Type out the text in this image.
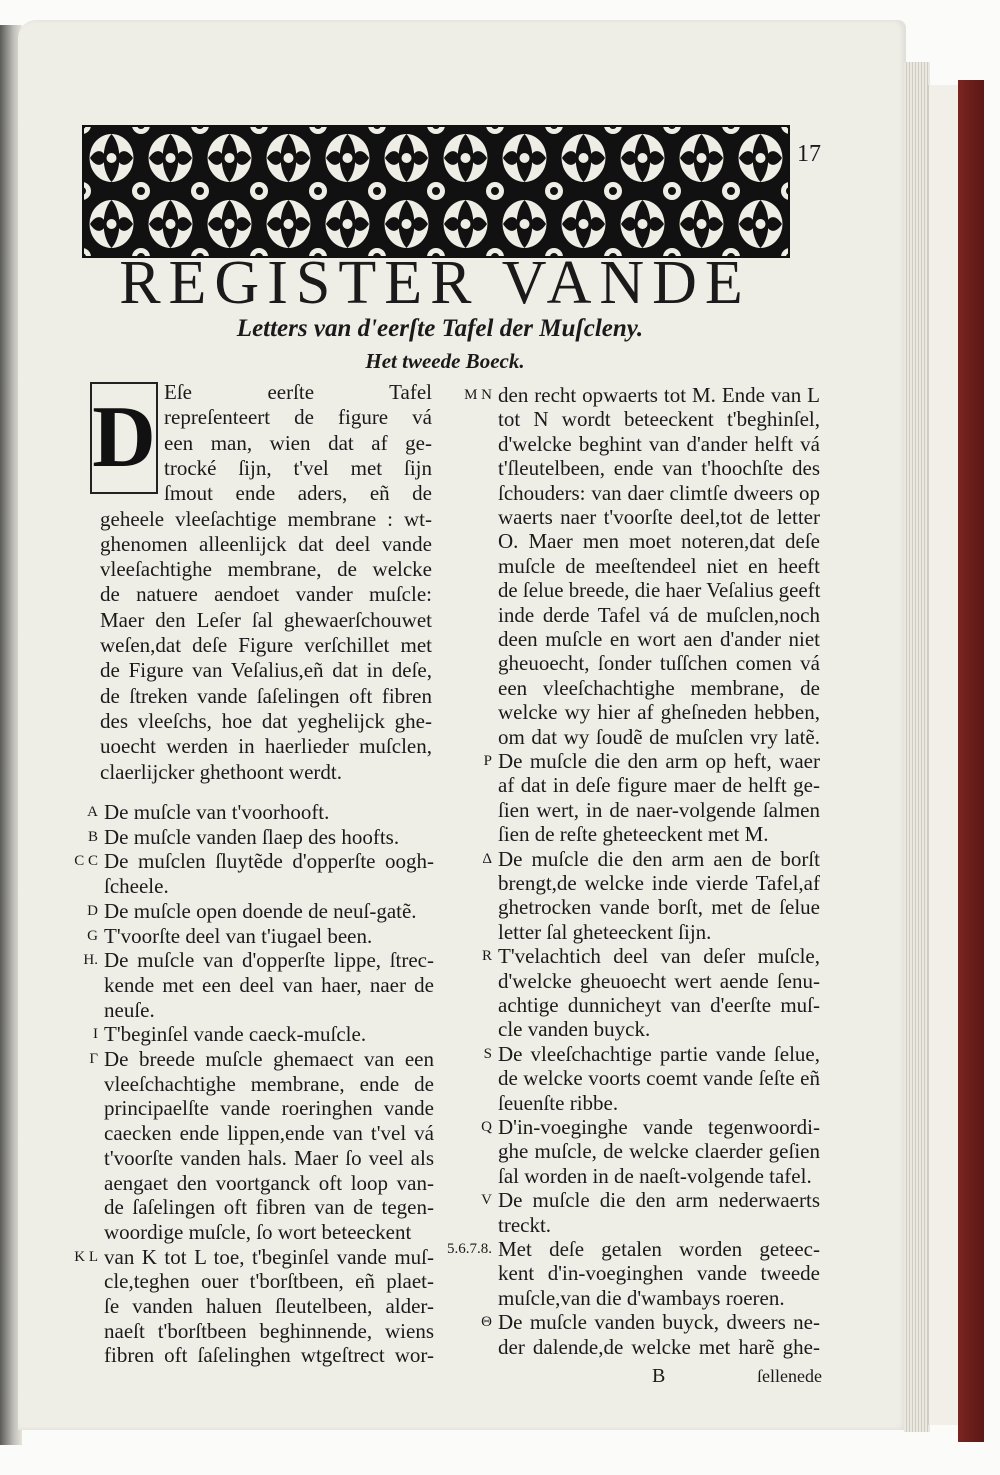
17
REGISTER VANDE
Letters van d'eerſte Tafel der Muſcleny.
Het tweede Boeck.
D Eſe eerſte Tafel
repreſenteert de figure vá
een man, wien dat af ge-
trocké ſijn, t'vel met ſijn
ſmout ende aders, eñ de
geheele vleeſachtige membrane : wt-
ghenomen alleenlijck dat deel vande
vleeſachtighe membrane, de welcke
de natuere aendoet vander muſcle:
Maer den Leſer ſal ghewaerſchouwet
weſen,dat deſe Figure verſchillet met
de Figure van Veſalius,eñ dat in deſe,
de ſtreken vande ſaſelingen oft fibren
des vleeſchs, hoe dat yeghelijck ghe-
uoecht werden in haerlieder muſclen,
claerlijcker ghethoont werdt.
A De muſcle van t'voorhooft.
B De muſcle vanden ſlaep des hoofts.
C C De muſclen ſluytẽde d'opperſte oogh-
ſcheele.
D De muſcle open doende de neuſ-gatẽ.
G T'voorſte deel van t'iugael been.
H. De muſcle van d'opperſte lippe, ſtrec-
kende met een deel van haer, naer de
neuſe.
I T'beginſel vande caeck-muſcle.
Γ De breede muſcle ghemaect van een
vleeſchachtighe membrane, ende de
principaelſte vande roeringhen vande
caecken ende lippen,ende van t'vel vá
t'voorſte vanden hals. Maer ſo veel als
aengaet den voortganck oft loop van-
de ſaſelingen oft fibren van de tegen-
woordige muſcle, ſo wort beteeckent
K L van K tot L toe, t'beginſel vande muſ-
cle,teghen ouer t'borſtbeen, eñ plaet-
ſe vanden haluen ſleutelbeen, alder-
naeſt t'borſtbeen beghinnende, wiens
fibren oft ſaſelinghen wtgeſtrect wor-
M N den recht opwaerts tot M. Ende van L
tot N wordt beteeckent t'beghinſel,
d'welcke beghint van d'ander helft vá
t'ſleutelbeen, ende van t'hoochſte des
ſchouders: van daer climtſe dweers op
waerts naer t'voorſte deel,tot de letter
O. Maer men moet noteren,dat deſe
muſcle de meeſtendeel niet en heeft
de ſelue breede, die haer Veſalius geeft
inde derde Tafel vá de muſclen,noch
deen muſcle en wort aen d'ander niet
gheuoecht, ſonder tuſſchen comen vá
een vleeſchachtighe membrane, de
welcke wy hier af gheſneden hebben,
om dat wy ſoudẽ de muſclen vry latẽ.
P De muſcle die den arm op heft, waer
af dat in deſe figure maer de helft ge-
ſien wert, in de naer-volgende ſalmen
ſien de reſte gheteeckent met M.
Δ De muſcle die den arm aen de borſt
brengt,de welcke inde vierde Tafel,af
ghetrocken vande borſt, met de ſelue
letter ſal gheteeckent ſijn.
R T'velachtich deel van deſer muſcle,
d'welcke gheuoecht wert aende ſenu-
achtige dunnicheyt van d'eerſte muſ-
cle vanden buyck.
S De vleeſchachtige partie vande ſelue,
de welcke voorts coemt vande ſeſte eñ
ſeuenſte ribbe.
Q D'in-voeginghe vande tegenwoordi-
ghe muſcle, de welcke claerder geſien
ſal worden in de naeſt-volgende tafel.
V De muſcle die den arm nederwaerts
treckt.
5.6.7.8. Met deſe getalen worden geteec-
kent d'in-voeginghen vande tweede
muſcle,van die d'wambays roeren.
Θ De muſcle vanden buyck, dweers ne-
der dalende,de welcke met harẽ ghe-
B	ſellenede
